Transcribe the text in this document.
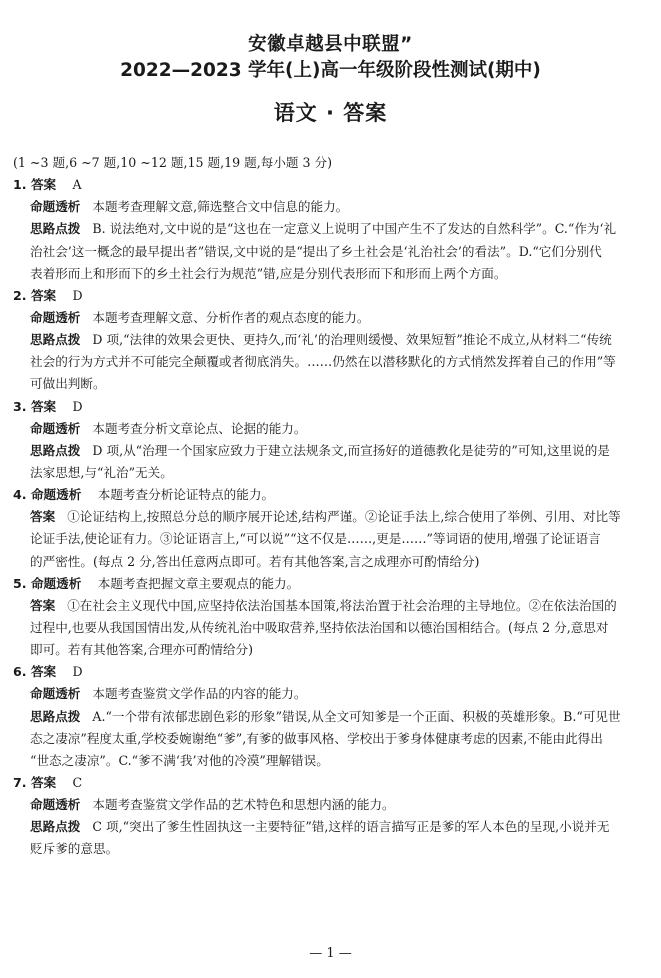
安徽卓越县中联盟”
2022—2023 学年(上)高一年级阶段性测试(期中)
语文 · 答案
(1 ~3 题,6 ~7 题,10 ~12 题,15 题,19 题,每小题 3 分)
1. 答案 A
命题透析 本题考查理解文意,筛选整合文中信息的能力。
思路点拨 B. 说法绝对,文中说的是“这也在一定意义上说明了中国产生不了发达的自然科学”。C.“作为‘礼
治社会’这一概念的最早提出者”错误,文中说的是“提出了乡土社会是‘礼治社会’的看法”。D.“它们分别代
表着形而上和形而下的乡土社会行为规范”错,应是分别代表形而下和形而上两个方面。
2. 答案 D
命题透析 本题考查理解文意、分析作者的观点态度的能力。
思路点拨 D 项,“法律的效果会更快、更持久,而‘礼’的治理则缓慢、效果短暂”推论不成立,从材料二“传统
社会的行为方式并不可能完全颠覆或者彻底消失。……仍然在以潜移默化的方式悄然发挥着自己的作用”等
可做出判断。
3. 答案 D
命题透析 本题考查分析文章论点、论据的能力。
思路点拨 D 项,从“治理一个国家应致力于建立法规条文,而宣扬好的道德教化是徒劳的”可知,这里说的是
法家思想,与“礼治”无关。
4. 命题透析 本题考查分析论证特点的能力。
答案 ①论证结构上,按照总分总的顺序展开论述,结构严谨。②论证手法上,综合使用了举例、引用、对比等
论证手法,使论证有力。③论证语言上,“可以说”“这不仅是……,更是……”等词语的使用,增强了论证语言
的严密性。(每点 2 分,答出任意两点即可。若有其他答案,言之成理亦可酌情给分)
5. 命题透析 本题考查把握文章主要观点的能力。
答案 ①在社会主义现代中国,应坚持依法治国基本国策,将法治置于社会治理的主导地位。②在依法治国的
过程中,也要从我国国情出发,从传统礼治中吸取营养,坚持依法治国和以德治国相结合。(每点 2 分,意思对
即可。若有其他答案,合理亦可酌情给分)
6. 答案 D
命题透析 本题考查鉴赏文学作品的内容的能力。
思路点拨 A.“一个带有浓郁悲剧色彩的形象”错误,从全文可知爹是一个正面、积极的英雄形象。B.“可见世
态之凄凉”程度太重,学校委婉谢绝“爹”,有爹的做事风格、学校出于爹身体健康考虑的因素,不能由此得出
“世态之凄凉”。C.“爹不满‘我’对他的冷漠”理解错误。
7. 答案 C
命题透析 本题考查鉴赏文学作品的艺术特色和思想内涵的能力。
思路点拨 C 项,“突出了爹生性固执这一主要特征”错,这样的语言描写正是爹的军人本色的呈现,小说并无
贬斥爹的意思。
— 1 —
